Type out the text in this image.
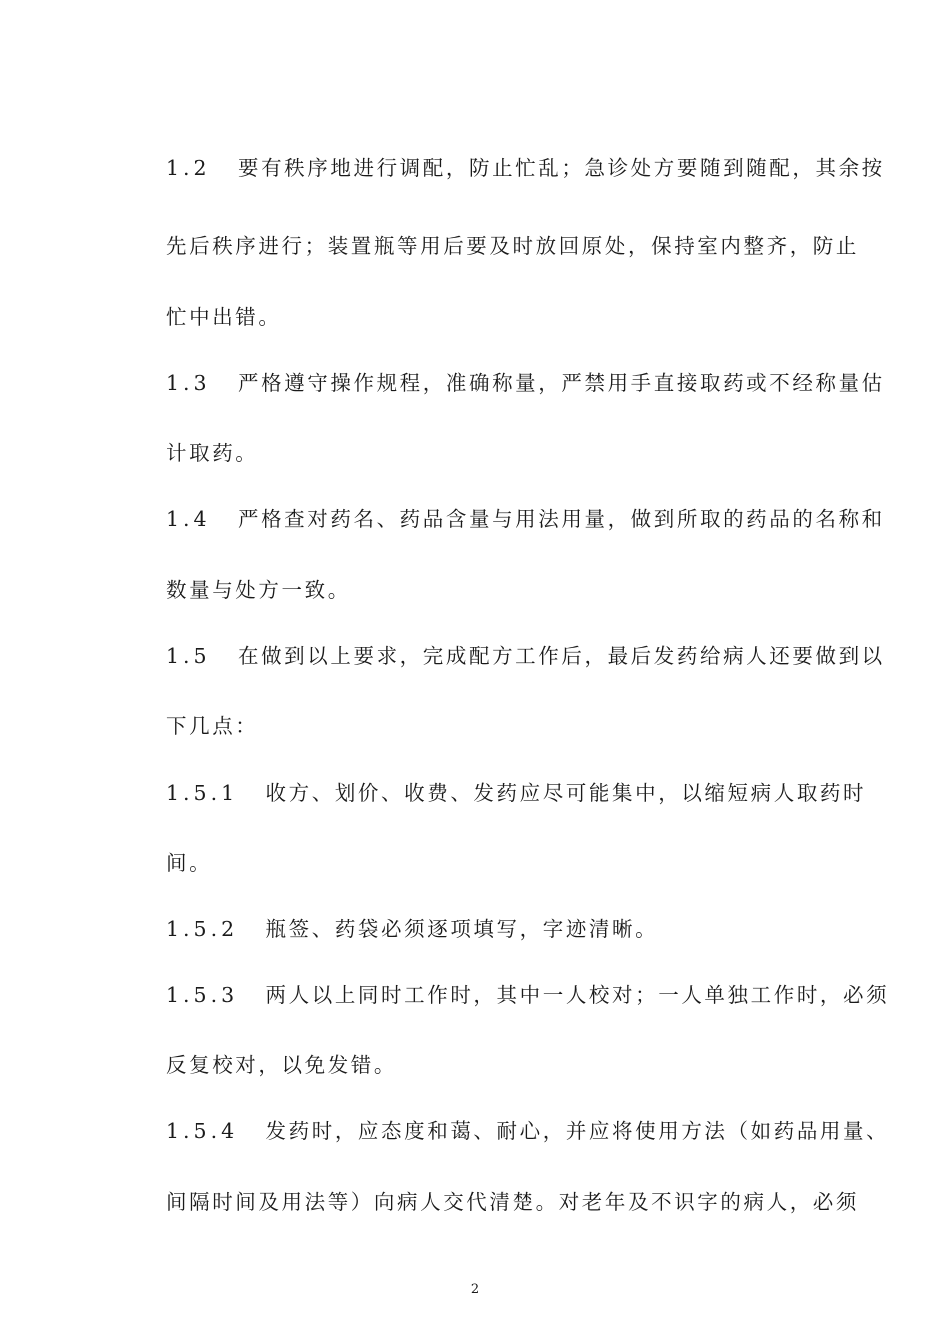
1.2 要有秩序地进行调配，防止忙乱；急诊处方要随到随配，其余按
先后秩序进行；装置瓶等用后要及时放回原处，保持室内整齐，防止
忙中出错。
1.3 严格遵守操作规程，准确称量，严禁用手直接取药或不经称量估
计取药。
1.4 严格查对药名、药品含量与用法用量，做到所取的药品的名称和
数量与处方一致。
1.5 在做到以上要求，完成配方工作后，最后发药给病人还要做到以
下几点：
1.5.1 收方、划价、收费、发药应尽可能集中，以缩短病人取药时
间。
1.5.2 瓶签、药袋必须逐项填写，字迹清晰。
1.5.3 两人以上同时工作时，其中一人校对；一人单独工作时，必须
反复校对，以免发错。
1.5.4 发药时，应态度和蔼、耐心，并应将使用方法（如药品用量、
间隔时间及用法等）向病人交代清楚。对老年及不识字的病人，必须
2
